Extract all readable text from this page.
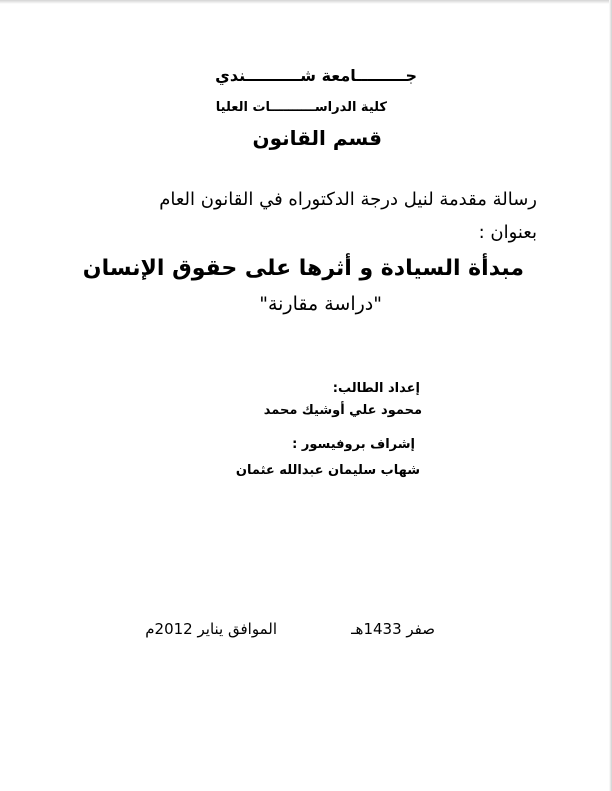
جـــــــــامعة شــــــــــندي
كلية الدراســــــــــات العليا
قسم القانون
رسالة مقدمة لنيل درجة الدكتوراه في القانون العام
بعنوان :
مبدأة السيادة و أثرها على حقوق الإنسان
"دراسة مقارنة"
إعداد الطالب:
محمود علي أوشيك محمد
إشراف بروفيسور :
شهاب سليمان عبدالله عثمان
صفر 1433هـ
الموافق يناير 2012م
